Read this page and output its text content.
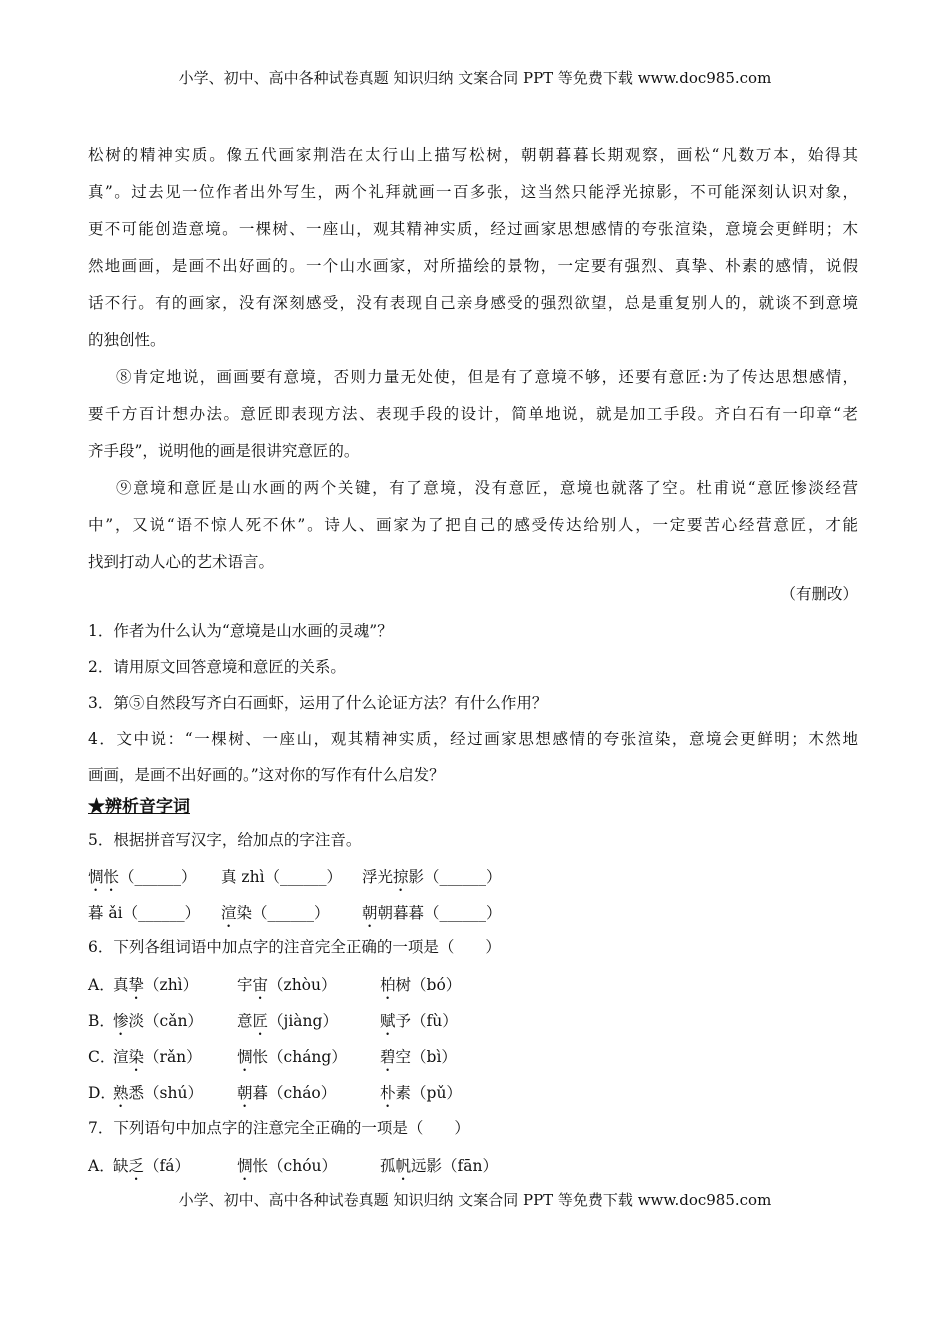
小学、初中、高中各种试卷真题 知识归纳 文案合同 PPT 等免费下载 www.doc985.com
松树的精神实质。像五代画家荆浩在太行山上描写松树，朝朝暮暮长期观察，画松“凡数万本，始得其
真”。过去见一位作者出外写生，两个礼拜就画一百多张，这当然只能浮光掠影，不可能深刻认识对象，
更不可能创造意境。一棵树、一座山，观其精神实质，经过画家思想感情的夸张渲染，意境会更鲜明；木
然地画画，是画不出好画的。一个山水画家，对所描绘的景物，一定要有强烈、真挚、朴素的感情，说假
话不行。有的画家，没有深刻感受，没有表现自己亲身感受的强烈欲望，总是重复别人的，就谈不到意境
的独创性。
⑧肯定地说，画画要有意境，否则力量无处使，但是有了意境不够，还要有意匠:为了传达思想感情，
要千方百计想办法。意匠即表现方法、表现手段的设计，简单地说，就是加工手段。齐白石有一印章“老
齐手段”，说明他的画是很讲究意匠的。
⑨意境和意匠是山水画的两个关键，有了意境，没有意匠，意境也就落了空。杜甫说“意匠惨淡经营
中”，又说“语不惊人死不休”。诗人、画家为了把自己的感受传达给别人，一定要苦心经营意匠，才能
找到打动人心的艺术语言。
（有删改）
1．作者为什么认为“意境是山水画的灵魂”？
2．请用原文回答意境和意匠的关系。
3．第⑤自然段写齐白石画虾，运用了什么论证方法？有什么作用？
4．文中说：“一棵树、一座山，观其精神实质，经过画家思想感情的夸张渲染，意境会更鲜明；木然地
画画，是画不出好画的。”这对你的写作有什么启发？
★辨析音字词
5．根据拼音写汉字，给加点的字注音。
惆怅（______） 真 zhì（______） 浮光掠影（______）
暮 ǎi（______） 渲染（______） 朝朝暮暮（______）
6．下列各组词语中加点字的注音完全正确的一项是（　　）
A．
真挚（zhì）	宇宙（zhòu）	柏树（bó）
B．
惨淡（cǎn） 意匠（jiàng）	赋予（fù）
C．
渲染（rǎn） 惆怅（cháng） 碧空（bì）
D．
熟悉（shú） 朝暮（cháo）	朴素（pǔ）
7．下列语句中加点字的注意完全正确的一项是（　　）
A．
缺乏（fá）	惆怅（chóu）	孤帆远影（fān）
小学、初中、高中各种试卷真题 知识归纳 文案合同 PPT 等免费下载 www.doc985.com
